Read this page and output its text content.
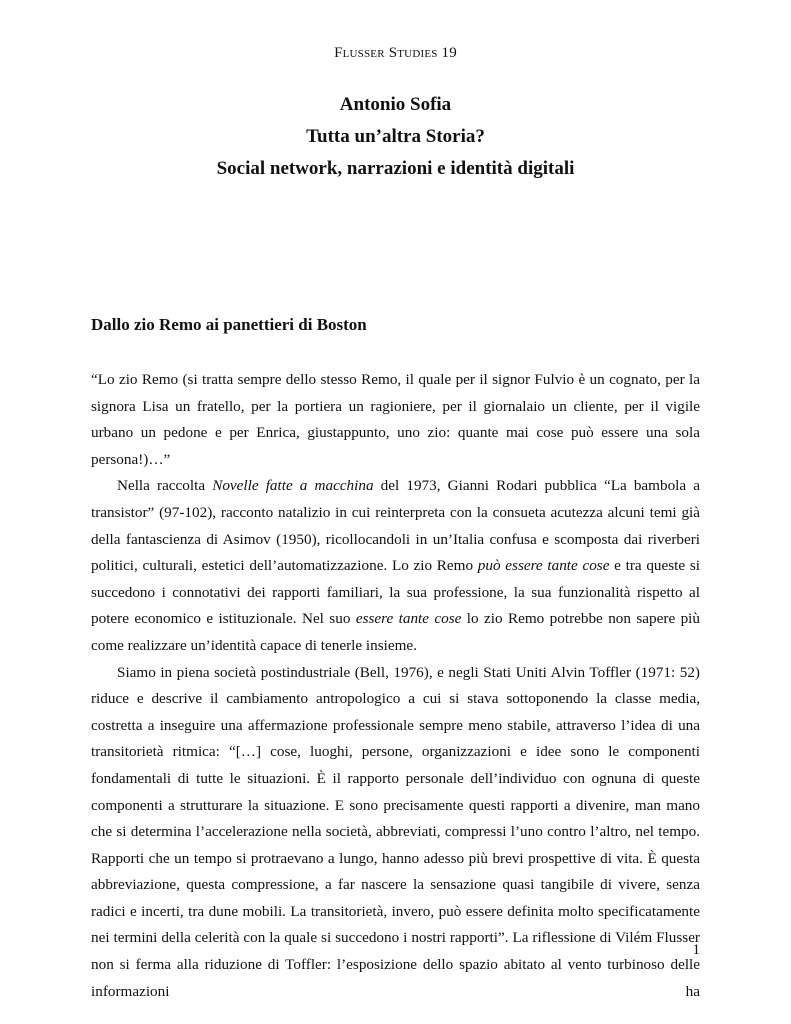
Flusser Studies 19
Antonio Sofia
Tutta un’altra Storia?
Social network, narrazioni e identità digitali
Dallo zio Remo ai panettieri di Boston

“Lo zio Remo (si tratta sempre dello stesso Remo, il quale per il signor Fulvio è un cognato, per la signora Lisa un fratello, per la portiera un ragioniere, per il giornalaio un cliente, per il vigile urbano un pedone e per Enrica, giustappunto, uno zio: quante mai cose può essere una sola persona!)…”

Nella raccolta Novelle fatte a macchina del 1973, Gianni Rodari pubblica “La bambola a transistor” (97-102), racconto natalizio in cui reinterpreta con la consueta acutezza alcuni temi già della fantascienza di Asimov (1950), ricollocandoli in un’Italia confusa e scomposta dai riverberi politici, culturali, estetici dell’automatizzazione. Lo zio Remo può essere tante cose e tra queste si succedono i connotativi dei rapporti familiari, la sua professione, la sua funzionalità rispetto al potere economico e istituzionale. Nel suo essere tante cose lo zio Remo potrebbe non sapere più come realizzare un’identità capace di tenerle insieme.

Siamo in piena società postindustriale (Bell, 1976), e negli Stati Uniti Alvin Toffler (1971: 52) riduce e descrive il cambiamento antropologico a cui si stava sottoponendo la classe media, costretta a inseguire una affermazione professionale sempre meno stabile, attraverso l’idea di una transitorietà ritmica: “[…] cose, luoghi, persone, organizzazioni e idee sono le componenti fondamentali di tutte le situazioni. È il rapporto personale dell’individuo con ognuna di queste componenti a strutturare la situazione. E sono precisamente questi rapporti a divenire, man mano che si determina l’accelerazione nella società, abbreviati, compressi l’uno contro l’altro, nel tempo. Rapporti che un tempo si protraevano a lungo, hanno adesso più brevi prospettive di vita. È questa abbreviazione, questa compressione, a far nascere la sensazione quasi tangibile di vivere, senza radici e incerti, tra dune mobili. La transitorietà, invero, può essere definita molto specificatamente nei termini della celerità con la quale si succedono i nostri rapporti”. La riflessione di Vilém Flusser non si ferma alla riduzione di Toffler: l’esposizione dello spazio abitato al vento turbinoso delle informazioni ha

1
